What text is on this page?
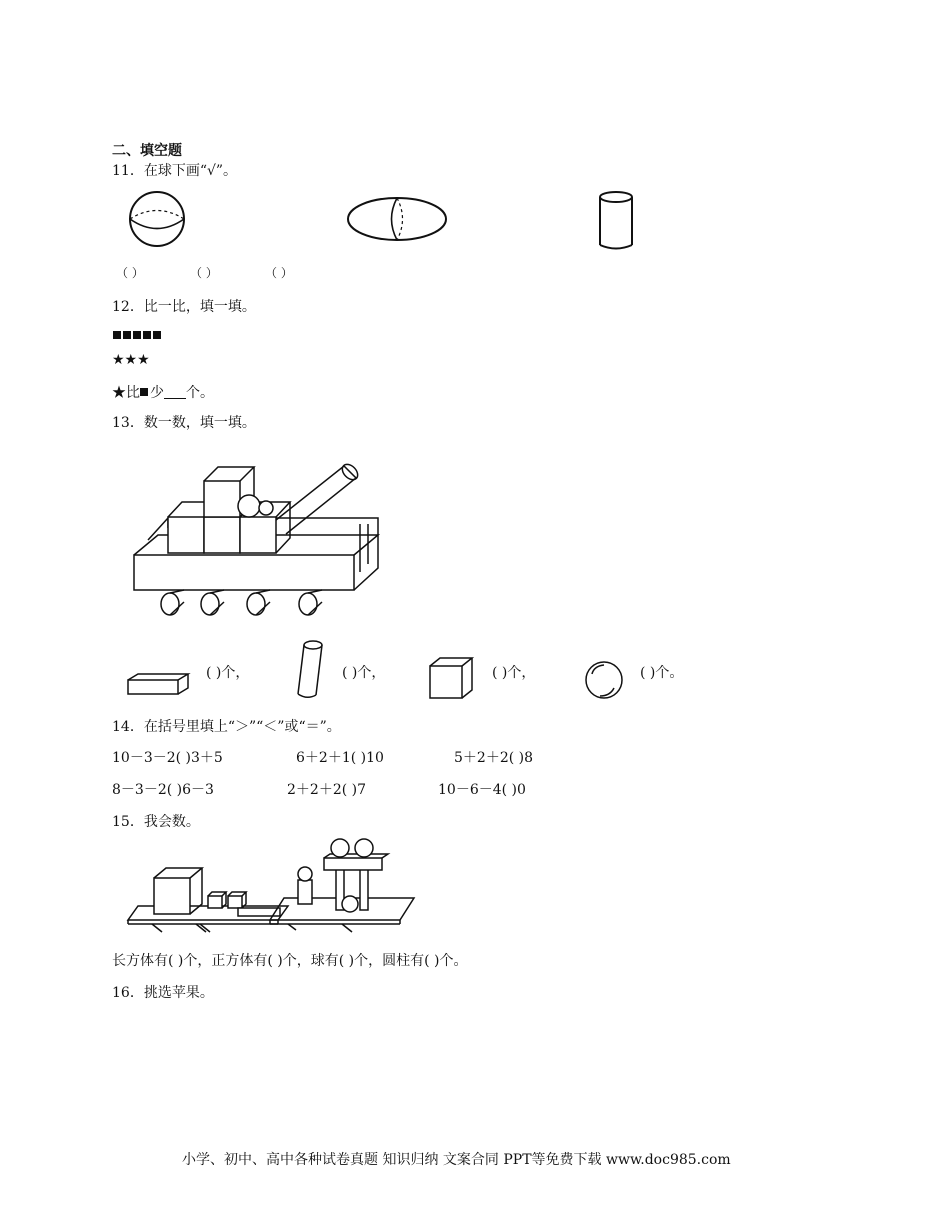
二、填空题
11．在球下画“√”。
（ ）	（ ）	（ ）
12．比一比，填一填。
★★★
★比 少 个。
13．数一数，填一填。
( )个，	( )个，	( )个，	( )个。
14．在括号里填上“＞”“＜”或“＝”。
10－3－2( )3＋5	6＋2＋1( )10	5＋2＋2( )8
8－3－2( )6－3	2＋2＋2( )7	10－6－4( )0
15．我会数。
长方体有( )个，正方体有( )个，球有( )个，圆柱有( )个。
16．挑选苹果。
小学、初中、高中各种试卷真题 知识归纳 文案合同 PPT等免费下载 www.doc985.com
